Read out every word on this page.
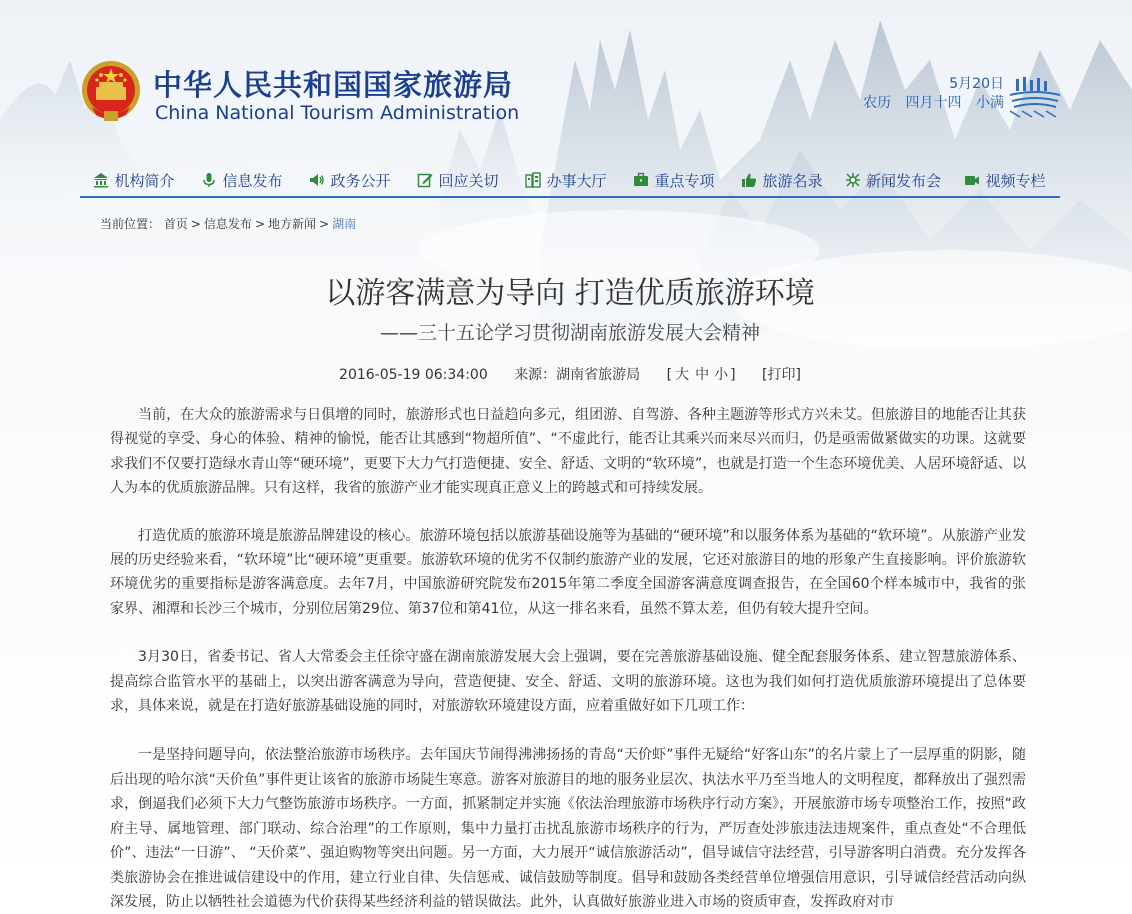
中华人民共和国国家旅游局
China National Tourism Administration
5月20日
农历 四月十四 小满
机构简介	信息发布	政务公开	回应关切	办事大厅	重点专项	旅游名录	新闻发布会	视频专栏
当前位置： 首页 > 信息发布 > 地方新闻 > 湖南
以游客满意为导向 打造优质旅游环境
——三十五论学习贯彻湖南旅游发展大会精神
2016-05-19 06:34:00 来源：湖南省旅游局 [ 大 中 小 ] [打印]

当前，在大众的旅游需求与日俱增的同时，旅游形式也日益趋向多元，组团游、自驾游、各种主题游等形式方兴未艾。但旅游目的地能否让其获得视觉的享受、身心的体验、精神的愉悦，能否让其感到“物超所值”、“不虚此行，能否让其乘兴而来尽兴而归，仍是亟需做紧做实的功课。这就要求我们不仅要打造绿水青山等“硬环境”，更要下大力气打造便捷、安全、舒适、文明的“软环境”，也就是打造一个生态环境优美、人居环境舒适、以人为本的优质旅游品牌。只有这样，我省的旅游产业才能实现真正意义上的跨越式和可持续发展。

打造优质的旅游环境是旅游品牌建设的核心。旅游环境包括以旅游基础设施等为基础的“硬环境”和以服务体系为基础的“软环境”。从旅游产业发展的历史经验来看，“软环境”比“硬环境”更重要。旅游软环境的优劣不仅制约旅游产业的发展，它还对旅游目的地的形象产生直接影响。评价旅游软环境优劣的重要指标是游客满意度。去年7月，中国旅游研究院发布2015年第二季度全国游客满意度调查报告，在全国60个样本城市中，我省的张家界、湘潭和长沙三个城市，分别位居第29位、第37位和第41位，从这一排名来看，虽然不算太差，但仍有较大提升空间。

3月30日，省委书记、省人大常委会主任徐守盛在湖南旅游发展大会上强调，要在完善旅游基础设施、健全配套服务体系、建立智慧旅游体系、提高综合监管水平的基础上，以突出游客满意为导向，营造便捷、安全、舒适、文明的旅游环境。这也为我们如何打造优质旅游环境提出了总体要求，具体来说，就是在打造好旅游基础设施的同时，对旅游软环境建设方面，应着重做好如下几项工作：

一是坚持问题导向，依法整治旅游市场秩序。去年国庆节闹得沸沸扬扬的青岛“天价虾”事件无疑给“好客山东”的名片蒙上了一层厚重的阴影，随后出现的哈尔滨“天价鱼”事件更让该省的旅游市场陡生寒意。游客对旅游目的地的服务业层次、执法水平乃至当地人的文明程度，都释放出了强烈需求，倒逼我们必须下大力气整饬旅游市场秩序。一方面，抓紧制定并实施《依法治理旅游市场秩序行动方案》，开展旅游市场专项整治工作，按照“政府主导、属地管理、部门联动、综合治理”的工作原则，集中力量打击扰乱旅游市场秩序的行为，严厉查处涉旅违法违规案件，重点查处“不合理低价”、违法“一日游”、 “天价菜”、强迫购物等突出问题。另一方面，大力展开“诚信旅游活动”，倡导诚信守法经营，引导游客明白消费。充分发挥各类旅游协会在推进诚信建设中的作用，建立行业自律、失信惩戒、诚信鼓励等制度。倡导和鼓励各类经营单位增强信用意识，引导诚信经营活动向纵深发展，防止以牺牲社会道德为代价获得某些经济利益的错误做法。此外，认真做好旅游业进入市场的资质审查，发挥政府对市
